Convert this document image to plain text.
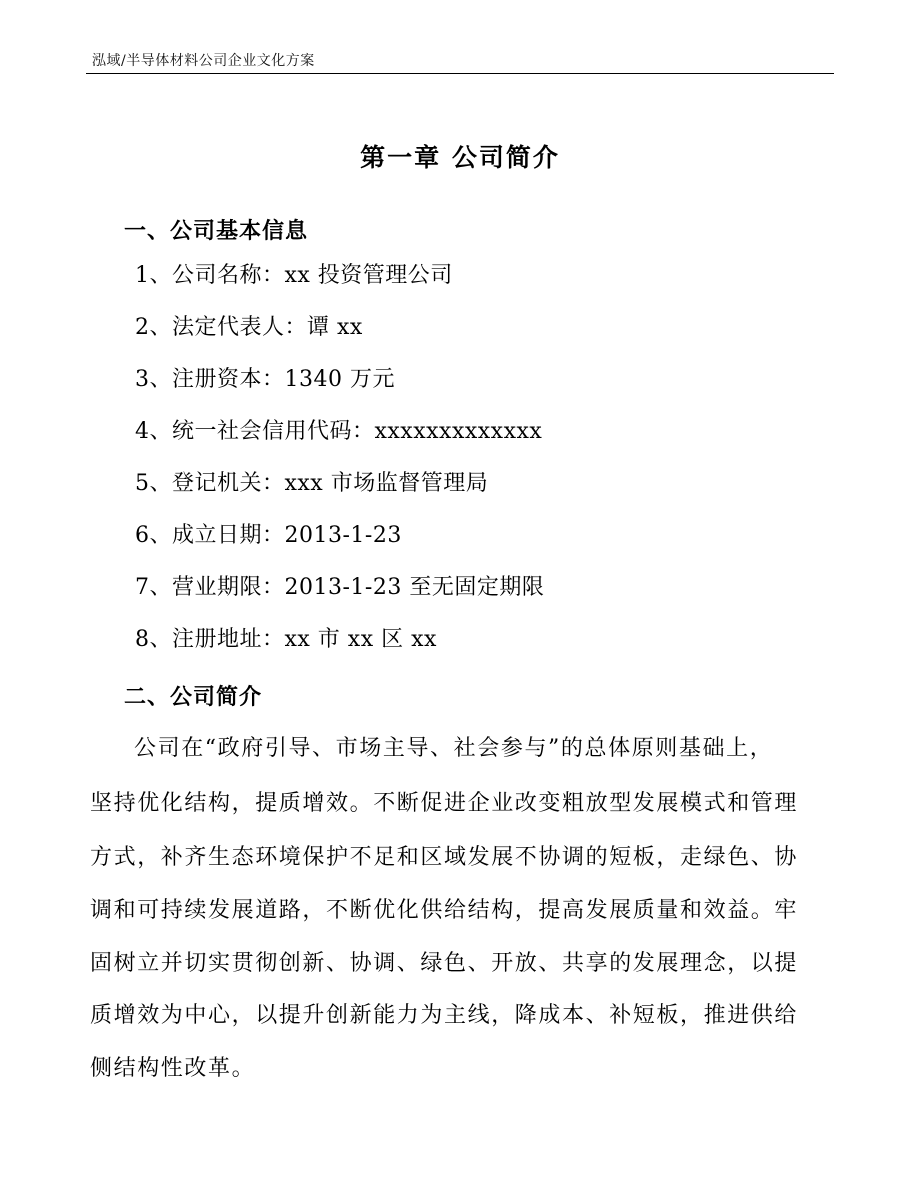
泓域/半导体材料公司企业文化方案
第一章 公司简介
一、公司基本信息
1、公司名称：xx 投资管理公司
2、法定代表人：谭 xx
3、注册资本：1340 万元
4、统一社会信用代码：xxxxxxxxxxxxx
5、登记机关：xxx 市场监督管理局
6、成立日期：2013-1-23
7、营业期限：2013-1-23 至无固定期限
8、注册地址：xx 市 xx 区 xx
二、公司简介
公司在“政府引导、市场主导、社会参与”的总体原则基础上，
坚持优化结构，提质增效。不断促进企业改变粗放型发展模式和管理
方式，补齐生态环境保护不足和区域发展不协调的短板，走绿色、协
调和可持续发展道路，不断优化供给结构，提高发展质量和效益。牢
固树立并切实贯彻创新、协调、绿色、开放、共享的发展理念，以提
质增效为中心，以提升创新能力为主线，降成本、补短板，推进供给
侧结构性改革。
